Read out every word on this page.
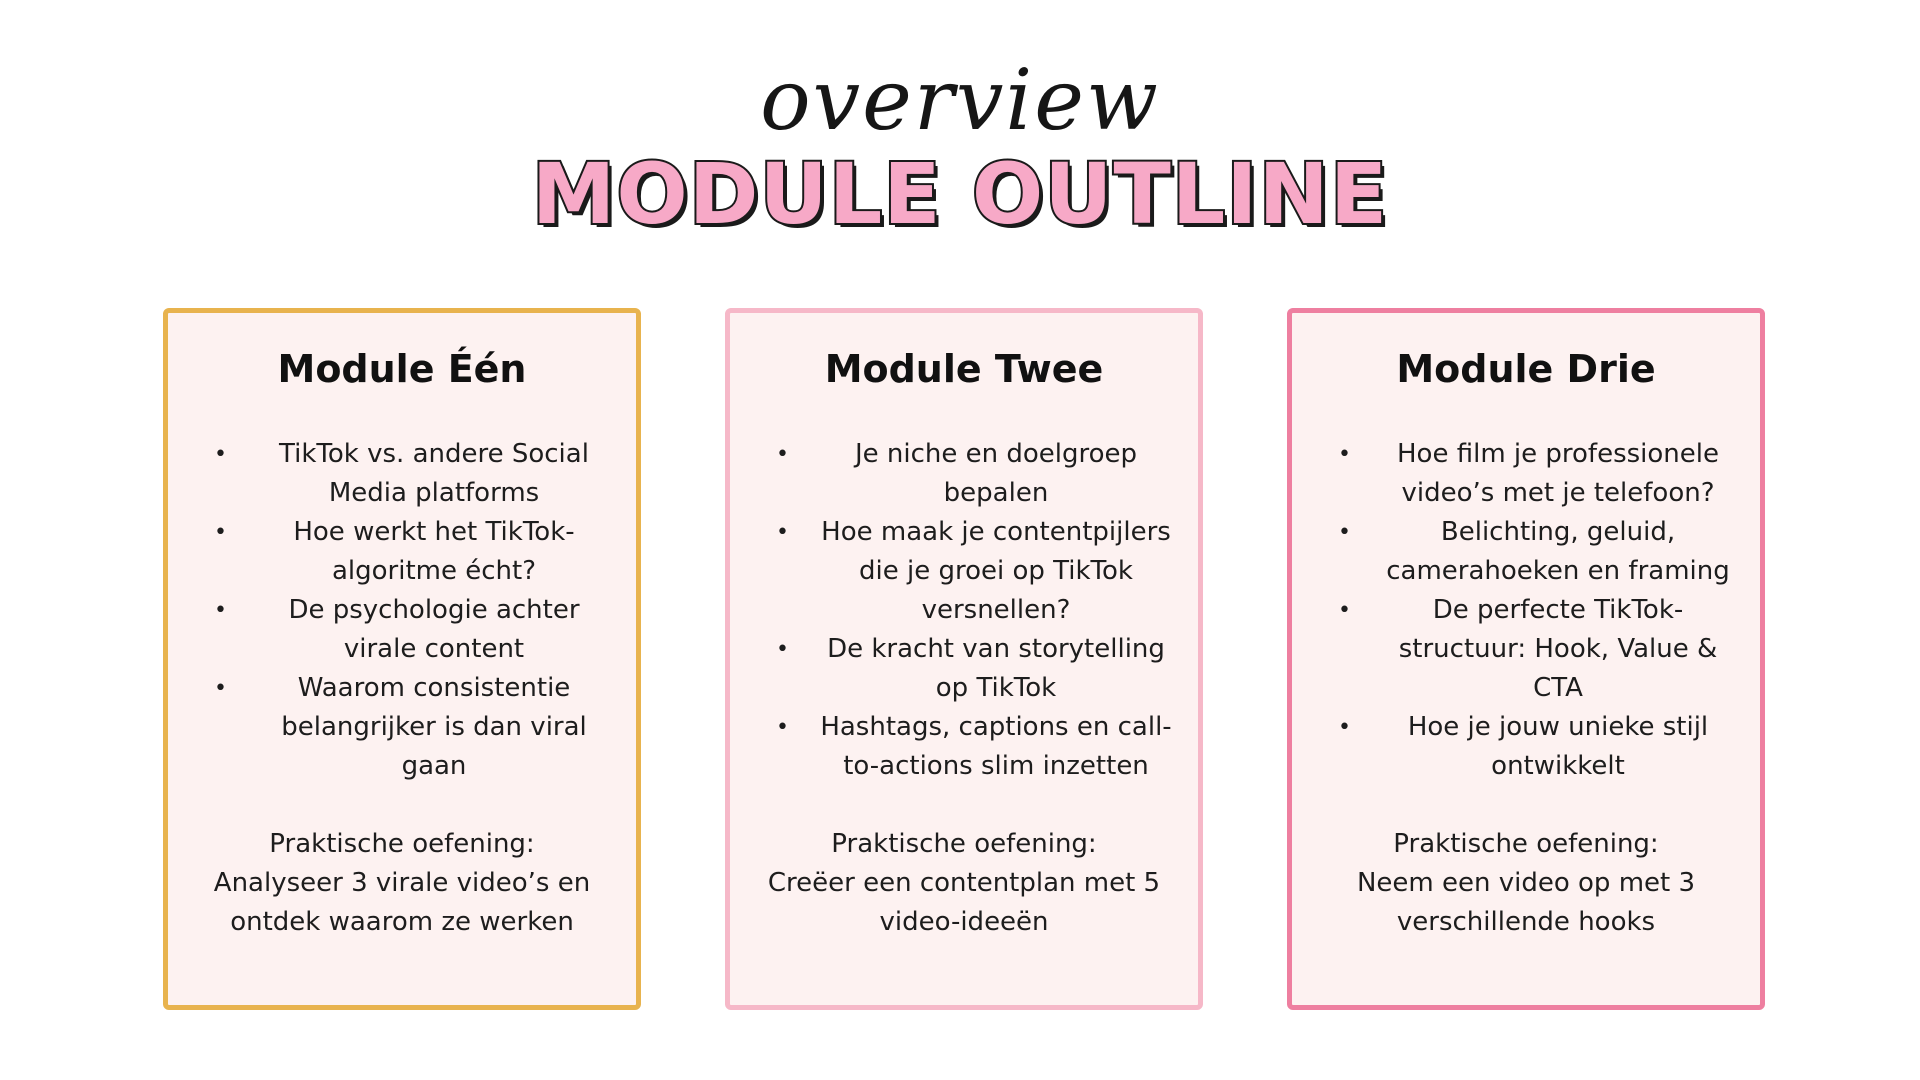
overview
MODULE OUTLINE
Module Één
• TikTok vs. andere Social Media platforms
•	Hoe werkt het TikTok-algoritme écht?
• De psychologie achter virale content
•	Waarom consistentie belangrijker is dan viral gaan
Praktische oefening:
Analyseer 3 virale video’s en ontdek waarom ze werken
Module Twee
•	Je niche en doelgroep bepalen
• Hoe maak je contentpijlers die je groei op TikTok versnellen?
• De kracht van storytelling op TikTok
• Hashtags, captions en call-to-actions slim inzetten
Praktische oefening:
Creëer een contentplan met 5 video-ideeën
Module Drie
• Hoe film je professionele video’s met je telefoon?
•	Belichting, geluid, camerahoeken en framing
•	De perfecte TikTok-structuur: Hook, Value & CTA
• Hoe je jouw unieke stijl ontwikkelt
Praktische oefening:
Neem een video op met 3 verschillende hooks
